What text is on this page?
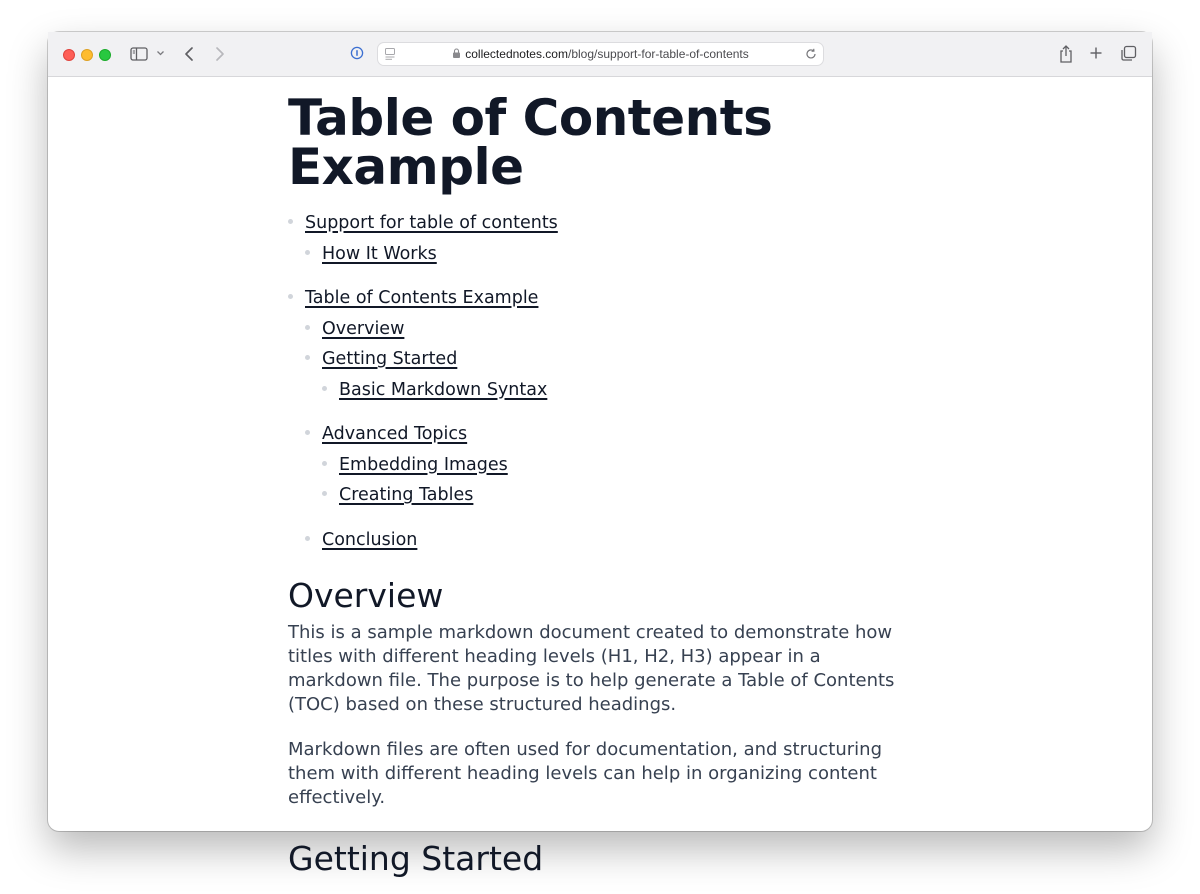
collectednotes.com/blog/support-for-table-of-contents
Table of Contents Example
Support for table of contents
How It Works
Table of Contents Example
Overview
Getting Started
Basic Markdown Syntax
Advanced Topics
Embedding Images
Creating Tables
Conclusion
Overview

This is a sample markdown document created to demonstrate how titles with different heading levels (H1, H2, H3) appear in a markdown file. The purpose is to help generate a Table of Contents (TOC) based on these structured headings.

Markdown files are often used for documentation, and structuring them with different heading levels can help in organizing content effectively.

Getting Started
